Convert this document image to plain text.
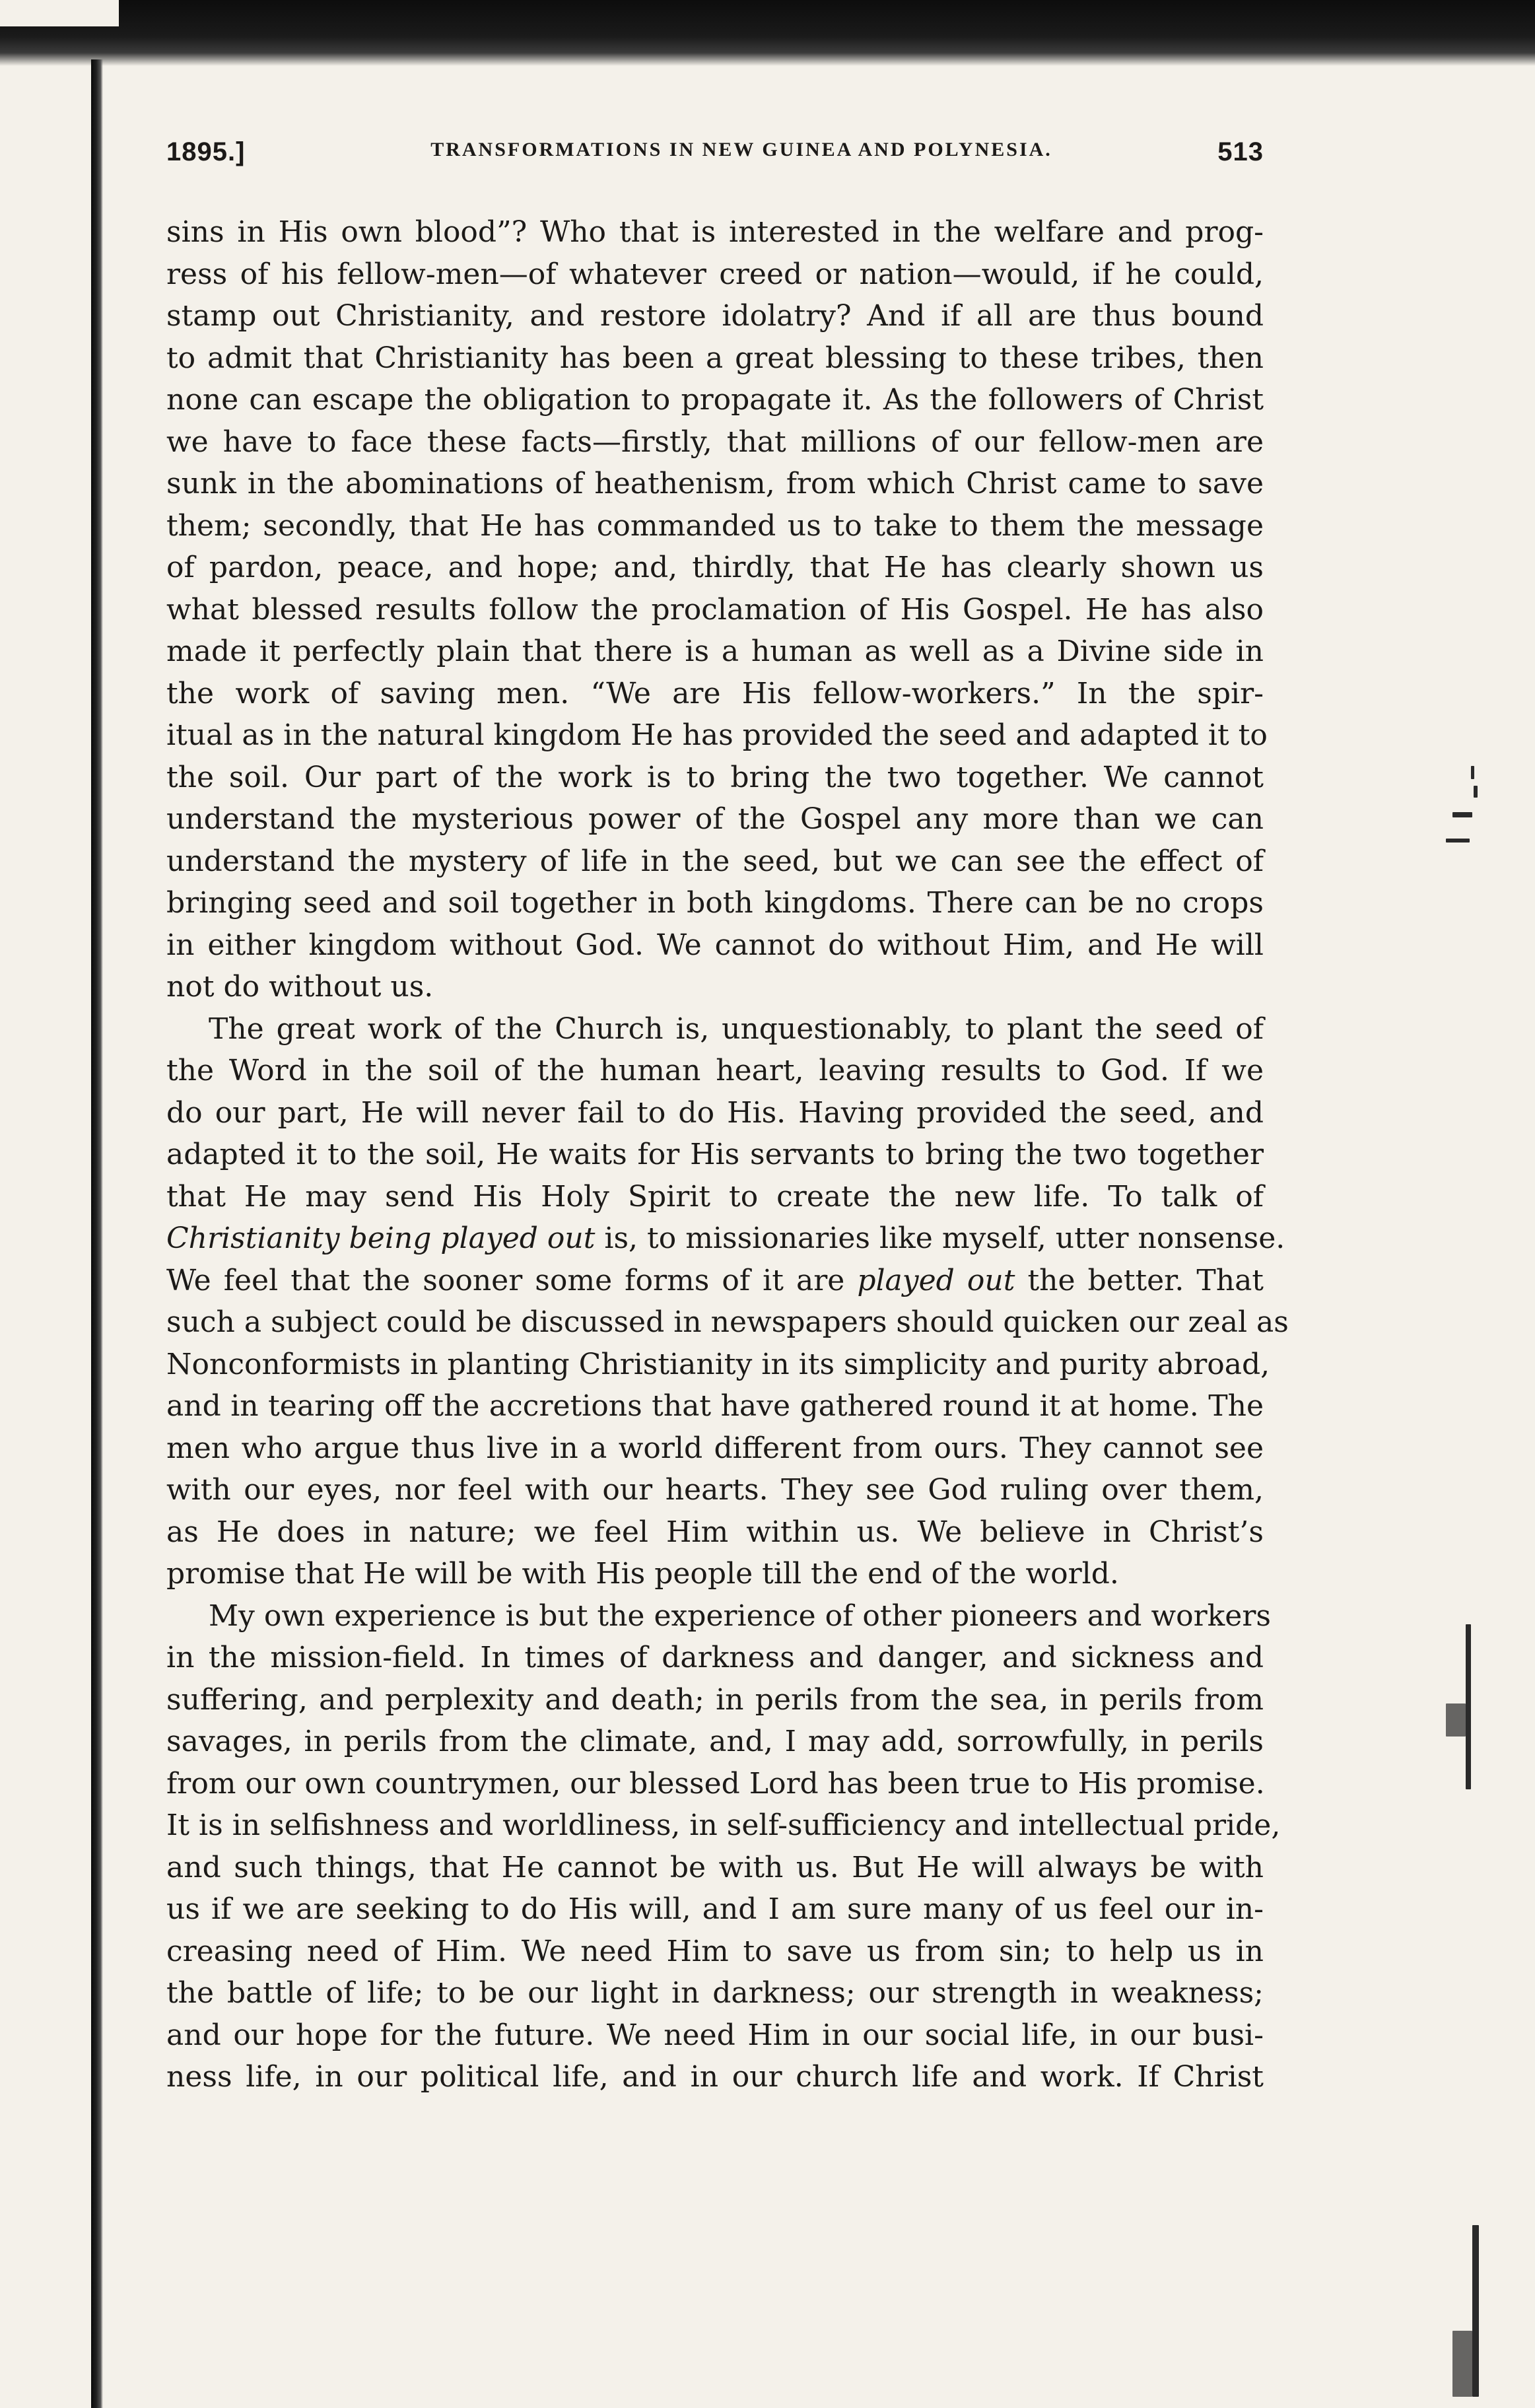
1895.]	TRANSFORMATIONS IN NEW GUINEA AND POLYNESIA.	513
sins in His own blood”? Who that is interested in the welfare and prog-
ress of his fellow-men—of whatever creed or nation—would, if he could,
stamp out Christianity, and restore idolatry? And if all are thus bound
to admit that Christianity has been a great blessing to these tribes, then
none can escape the obligation to propagate it. As the followers of Christ
we have to face these facts—firstly, that millions of our fellow-men are
sunk in the abominations of heathenism, from which Christ came to save
them; secondly, that He has commanded us to take to them the message
of pardon, peace, and hope; and, thirdly, that He has clearly shown us
what blessed results follow the proclamation of His Gospel. He has also
made it perfectly plain that there is a human as well as a Divine side in
the work of saving men. “We are His fellow-workers.” In the spir-
itual as in the natural kingdom He has provided the seed and adapted it to
the soil. Our part of the work is to bring the two together. We cannot
understand the mysterious power of the Gospel any more than we can
understand the mystery of life in the seed, but we can see the effect of
bringing seed and soil together in both kingdoms. There can be no crops
in either kingdom without God. We cannot do without Him, and He will
not do without us.
The great work of the Church is, unquestionably, to plant the seed of
the Word in the soil of the human heart, leaving results to God. If we
do our part, He will never fail to do His. Having provided the seed, and
adapted it to the soil, He waits for His servants to bring the two together
that He may send His Holy Spirit to create the new life. To talk of
Christianity being played out is, to missionaries like myself, utter nonsense.
We feel that the sooner some forms of it are played out the better. That
such a subject could be discussed in newspapers should quicken our zeal as
Nonconformists in planting Christianity in its simplicity and purity abroad,
and in tearing off the accretions that have gathered round it at home. The
men who argue thus live in a world different from ours. They cannot see
with our eyes, nor feel with our hearts. They see God ruling over them,
as He does in nature; we feel Him within us. We believe in Christ’s
promise that He will be with His people till the end of the world.
My own experience is but the experience of other pioneers and workers
in the mission-field. In times of darkness and danger, and sickness and
suffering, and perplexity and death; in perils from the sea, in perils from
savages, in perils from the climate, and, I may add, sorrowfully, in perils
from our own countrymen, our blessed Lord has been true to His promise.
It is in selfishness and worldliness, in self-sufficiency and intellectual pride,
and such things, that He cannot be with us. But He will always be with
us if we are seeking to do His will, and I am sure many of us feel our in-
creasing need of Him. We need Him to save us from sin; to help us in
the battle of life; to be our light in darkness; our strength in weakness;
and our hope for the future. We need Him in our social life, in our busi-
ness life, in our political life, and in our church life and work. If Christ
